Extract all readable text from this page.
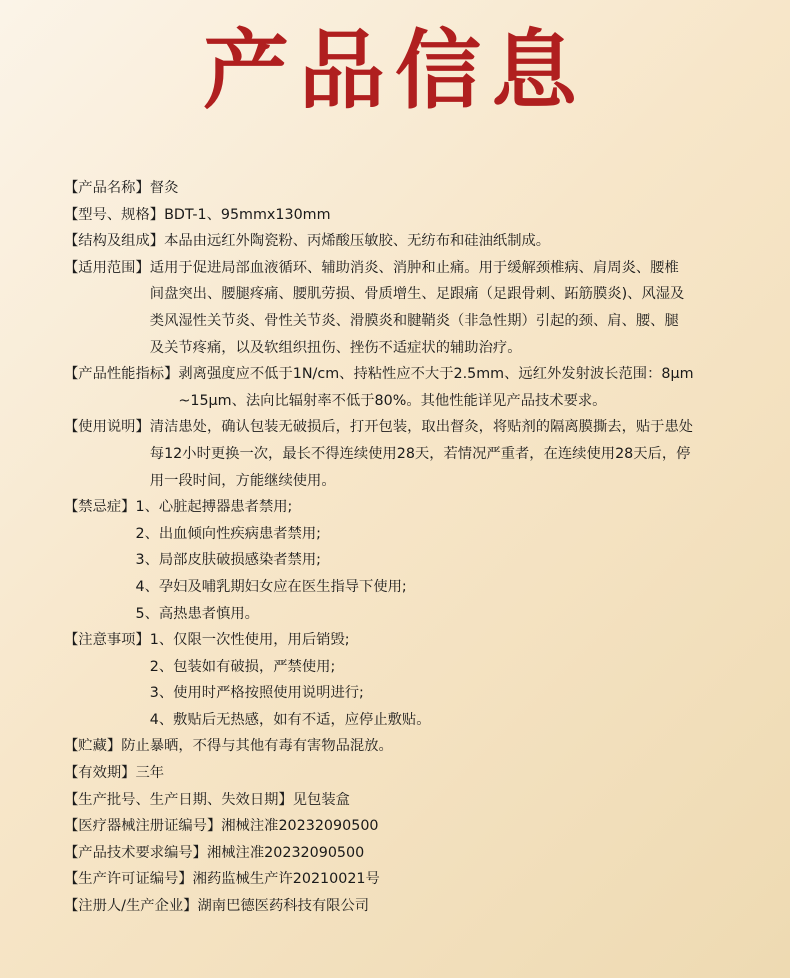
产品信息
【产品名称】 督灸
【型号、规格】 BDT-1、95mmx130mm
【结构及组成】 本品由远红外陶瓷粉、丙烯酸压敏胶、无纺布和硅油纸制成。
【适用范围】 适用于促进局部血液循环、辅助消炎、消肿和止痛。用于缓解颈椎病、肩周炎、腰椎
间盘突出、腰腿疼痛、腰肌劳损、骨质增生、足跟痛（足跟骨刺、跖筋膜炎)、风湿及
类风湿性关节炎、骨性关节炎、滑膜炎和腱鞘炎（非急性期）引起的颈、肩、腰、腿
及关节疼痛，以及软组织扭伤、挫伤不适症状的辅助治疗。
【产品性能指标】 剥离强度应不低于1N/cm、持粘性应不大于2.5mm、远红外发射波长范围：8μm
~15μm、法向比辐射率不低于80%。其他性能详见产品技术要求。
【使用说明】 清洁患处，确认包装无破损后，打开包装，取出督灸，将贴剂的隔离膜撕去，贴于患处
每12小时更换一次，最长不得连续使用28天，若情况严重者，在连续使用28天后，停
用一段时间，方能继续使用。
【禁忌症】 1、心脏起搏器患者禁用;
2、出血倾向性疾病患者禁用;
3、局部皮肤破损感染者禁用;
4、孕妇及哺乳期妇女应在医生指导下使用;
5、高热患者慎用。
【注意事项】 1、仅限一次性使用，用后销毁;
2、包装如有破损，严禁使用;
3、使用时严格按照使用说明进行;
4、敷贴后无热感，如有不适，应停止敷贴。
【贮藏】 防止暴晒，不得与其他有毒有害物品混放。
【有效期】 三年
【生产批号、生产日期、失效日期】 见包装盒
【医疗器械注册证编号】 湘械注准20232090500
【产品技术要求编号】 湘械注准20232090500
【生产许可证编号】 湘药监械生产许20210021号
【注册人/生产企业】 湖南巴德医药科技有限公司
